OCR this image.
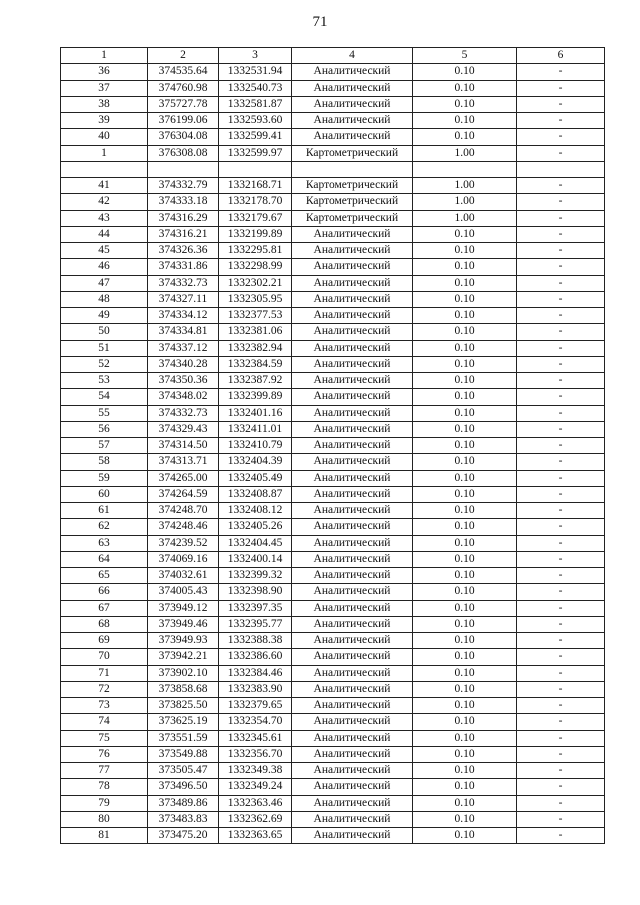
71
1	2	3	4	5	6
36	374535.64	1332531.94	Аналитический	0.10	-
37	374760.98	1332540.73	Аналитический	0.10	-
38	375727.78	1332581.87	Аналитический	0.10	-
39	376199.06	1332593.60	Аналитический	0.10	-
40	376304.08	1332599.41	Аналитический	0.10	-
1	376308.08	1332599.97	Картометрический	1.00	-

41	374332.79	1332168.71	Картометрический	1.00	-
42	374333.18	1332178.70	Картометрический	1.00	-
43	374316.29	1332179.67	Картометрический	1.00	-
44	374316.21	1332199.89	Аналитический	0.10	-
45	374326.36	1332295.81	Аналитический	0.10	-
46	374331.86	1332298.99	Аналитический	0.10	-
47	374332.73	1332302.21	Аналитический	0.10	-
48	374327.11	1332305.95	Аналитический	0.10	-
49	374334.12	1332377.53	Аналитический	0.10	-
50	374334.81	1332381.06	Аналитический	0.10	-
51	374337.12	1332382.94	Аналитический	0.10	-
52	374340.28	1332384.59	Аналитический	0.10	-
53	374350.36	1332387.92	Аналитический	0.10	-
54	374348.02	1332399.89	Аналитический	0.10	-
55	374332.73	1332401.16	Аналитический	0.10	-
56	374329.43	1332411.01	Аналитический	0.10	-
57	374314.50	1332410.79	Аналитический	0.10	-
58	374313.71	1332404.39	Аналитический	0.10	-
59	374265.00	1332405.49	Аналитический	0.10	-
60	374264.59	1332408.87	Аналитический	0.10	-
61	374248.70	1332408.12	Аналитический	0.10	-
62	374248.46	1332405.26	Аналитический	0.10	-
63	374239.52	1332404.45	Аналитический	0.10	-
64	374069.16	1332400.14	Аналитический	0.10	-
65	374032.61	1332399.32	Аналитический	0.10	-
66	374005.43	1332398.90	Аналитический	0.10	-
67	373949.12	1332397.35	Аналитический	0.10	-
68	373949.46	1332395.77	Аналитический	0.10	-
69	373949.93	1332388.38	Аналитический	0.10	-
70	373942.21	1332386.60	Аналитический	0.10	-
71	373902.10	1332384.46	Аналитический	0.10	-
72	373858.68	1332383.90	Аналитический	0.10	-
73	373825.50	1332379.65	Аналитический	0.10	-
74	373625.19	1332354.70	Аналитический	0.10	-
75	373551.59	1332345.61	Аналитический	0.10	-
76	373549.88	1332356.70	Аналитический	0.10	-
77	373505.47	1332349.38	Аналитический	0.10	-
78	373496.50	1332349.24	Аналитический	0.10	-
79	373489.86	1332363.46	Аналитический	0.10	-
80	373483.83	1332362.69	Аналитический	0.10	-
81	373475.20	1332363.65	Аналитический	0.10	-
